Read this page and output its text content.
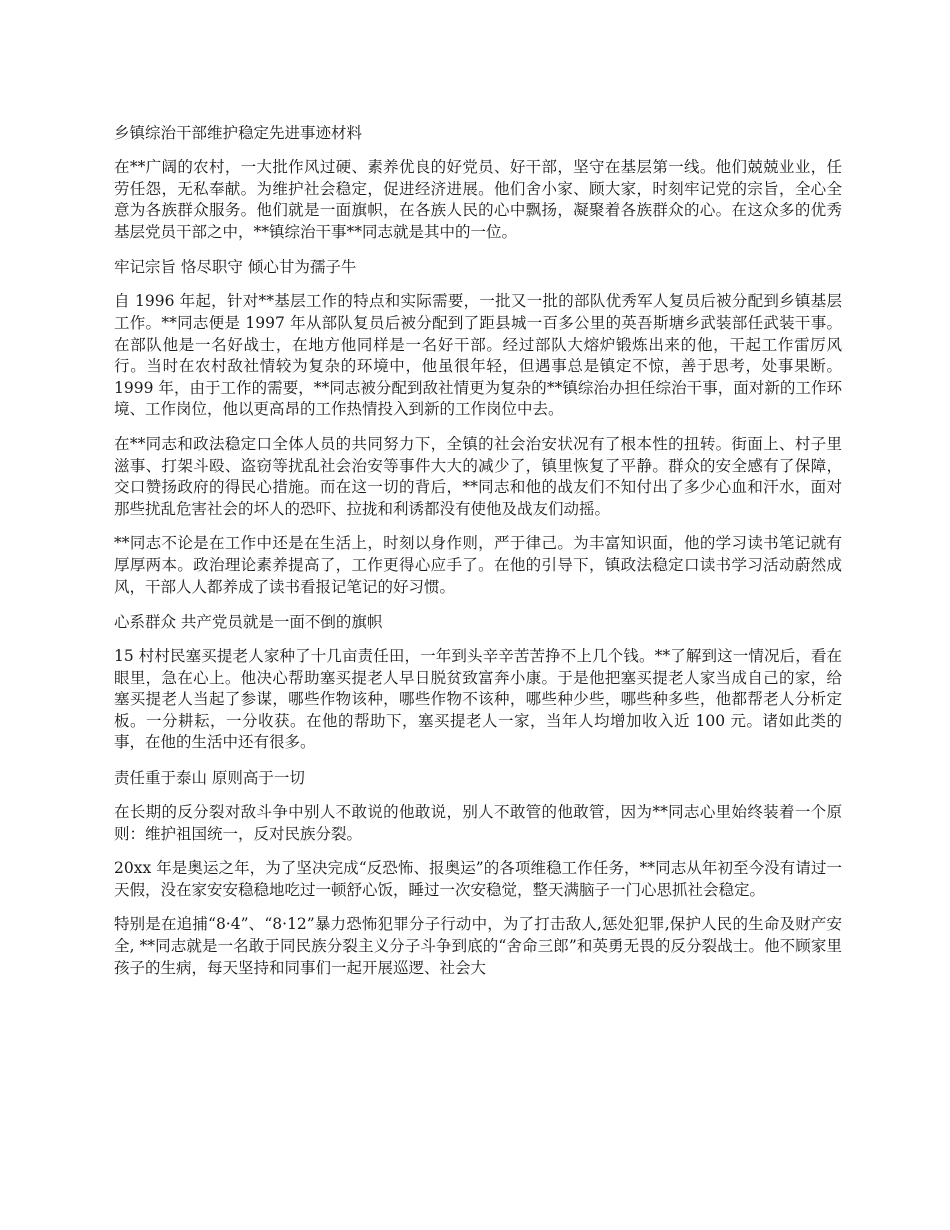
乡镇综治干部维护稳定先进事迹材料

在**广阔的农村，一大批作风过硬、素养优良的好党员、好干部，坚守在基层第一线。他们兢兢业业，任劳任怨，无私奉献。为维护社会稳定，促进经济进展。他们舍小家、顾大家，时刻牢记党的宗旨，全心全意为各族群众服务。他们就是一面旗帜，在各族人民的心中飘扬，凝聚着各族群众的心。在这众多的优秀基层党员干部之中，**镇综治干事**同志就是其中的一位。

牢记宗旨 恪尽职守 倾心甘为孺子牛

自 1996 年起，针对**基层工作的特点和实际需要，一批又一批的部队优秀军人复员后被分配到乡镇基层工作。**同志便是 1997 年从部队复员后被分配到了距县城一百多公里的英吾斯塘乡武装部任武装干事。在部队他是一名好战士，在地方他同样是一名好干部。经过部队大熔炉锻炼出来的他，干起工作雷厉风行。当时在农村敌社情较为复杂的环境中，他虽很年轻，但遇事总是镇定不惊，善于思考，处事果断。1999 年，由于工作的需要，**同志被分配到敌社情更为复杂的**镇综治办担任综治干事，面对新的工作环境、工作岗位，他以更高昂的工作热情投入到新的工作岗位中去。

在**同志和政法稳定口全体人员的共同努力下，全镇的社会治安状况有了根本性的扭转。街面上、村子里滋事、打架斗殴、盗窃等扰乱社会治安等事件大大的减少了，镇里恢复了平静。群众的安全感有了保障，交口赞扬政府的得民心措施。而在这一切的背后，**同志和他的战友们不知付出了多少心血和汗水，面对那些扰乱危害社会的坏人的恐吓、拉拢和利诱都没有使他及战友们动摇。

**同志不论是在工作中还是在生活上，时刻以身作则，严于律己。为丰富知识面，他的学习读书笔记就有厚厚两本。政治理论素养提高了，工作更得心应手了。在他的引导下，镇政法稳定口读书学习活动蔚然成风，干部人人都养成了读书看报记笔记的好习惯。

心系群众 共产党员就是一面不倒的旗帜

15 村村民塞买提老人家种了十几亩责任田，一年到头辛辛苦苦挣不上几个钱。**了解到这一情况后，看在眼里，急在心上。他决心帮助塞买提老人早日脱贫致富奔小康。于是他把塞买提老人家当成自己的家，给塞买提老人当起了参谋，哪些作物该种，哪些作物不该种，哪些种少些，哪些种多些，他都帮老人分析定板。一分耕耘，一分收获。在他的帮助下，塞买提老人一家，当年人均增加收入近 100 元。诸如此类的事，在他的生活中还有很多。

责任重于泰山 原则高于一切

在长期的反分裂对敌斗争中别人不敢说的他敢说，别人不敢管的他敢管，因为**同志心里始终装着一个原则：维护祖国统一，反对民族分裂。

20xx 年是奥运之年，为了坚决完成“反恐怖、报奥运”的各项维稳工作任务，**同志从年初至今没有请过一天假，没在家安安稳稳地吃过一顿舒心饭，睡过一次安稳觉，整天满脑子一门心思抓社会稳定。

特别是在追捕“8·4”、“8·12”暴力恐怖犯罪分子行动中，为了打击敌人,惩处犯罪,保护人民的生命及财产安全, **同志就是一名敢于同民族分裂主义分子斗争到底的“舍命三郎”和英勇无畏的反分裂战士。他不顾家里孩子的生病，每天坚持和同事们一起开展巡逻、社会大
